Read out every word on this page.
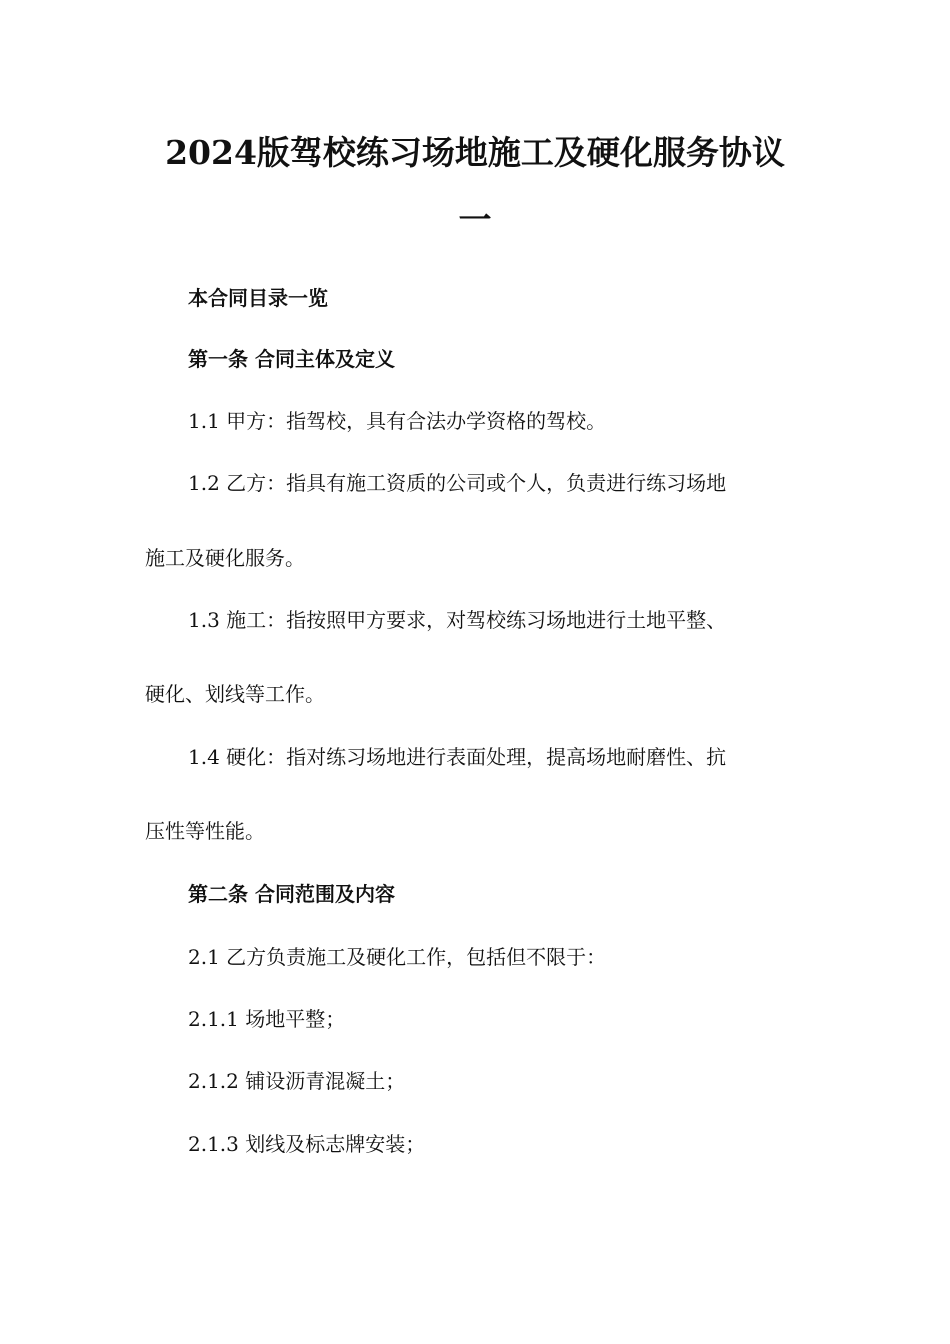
2024版驾校练习场地施工及硬化服务协议
一

本合同目录一览

第一条 合同主体及定义

1.1 甲方：指驾校，具有合法办学资格的驾校。

1.2 乙方：指具有施工资质的公司或个人，负责进行练习场地

施工及硬化服务。

1.3 施工：指按照甲方要求，对驾校练习场地进行土地平整、

硬化、划线等工作。

1.4 硬化：指对练习场地进行表面处理，提高场地耐磨性、抗

压性等性能。

第二条 合同范围及内容

2.1 乙方负责施工及硬化工作，包括但不限于：

2.1.1 场地平整；

2.1.2 铺设沥青混凝土；

2.1.3 划线及标志牌安装；
